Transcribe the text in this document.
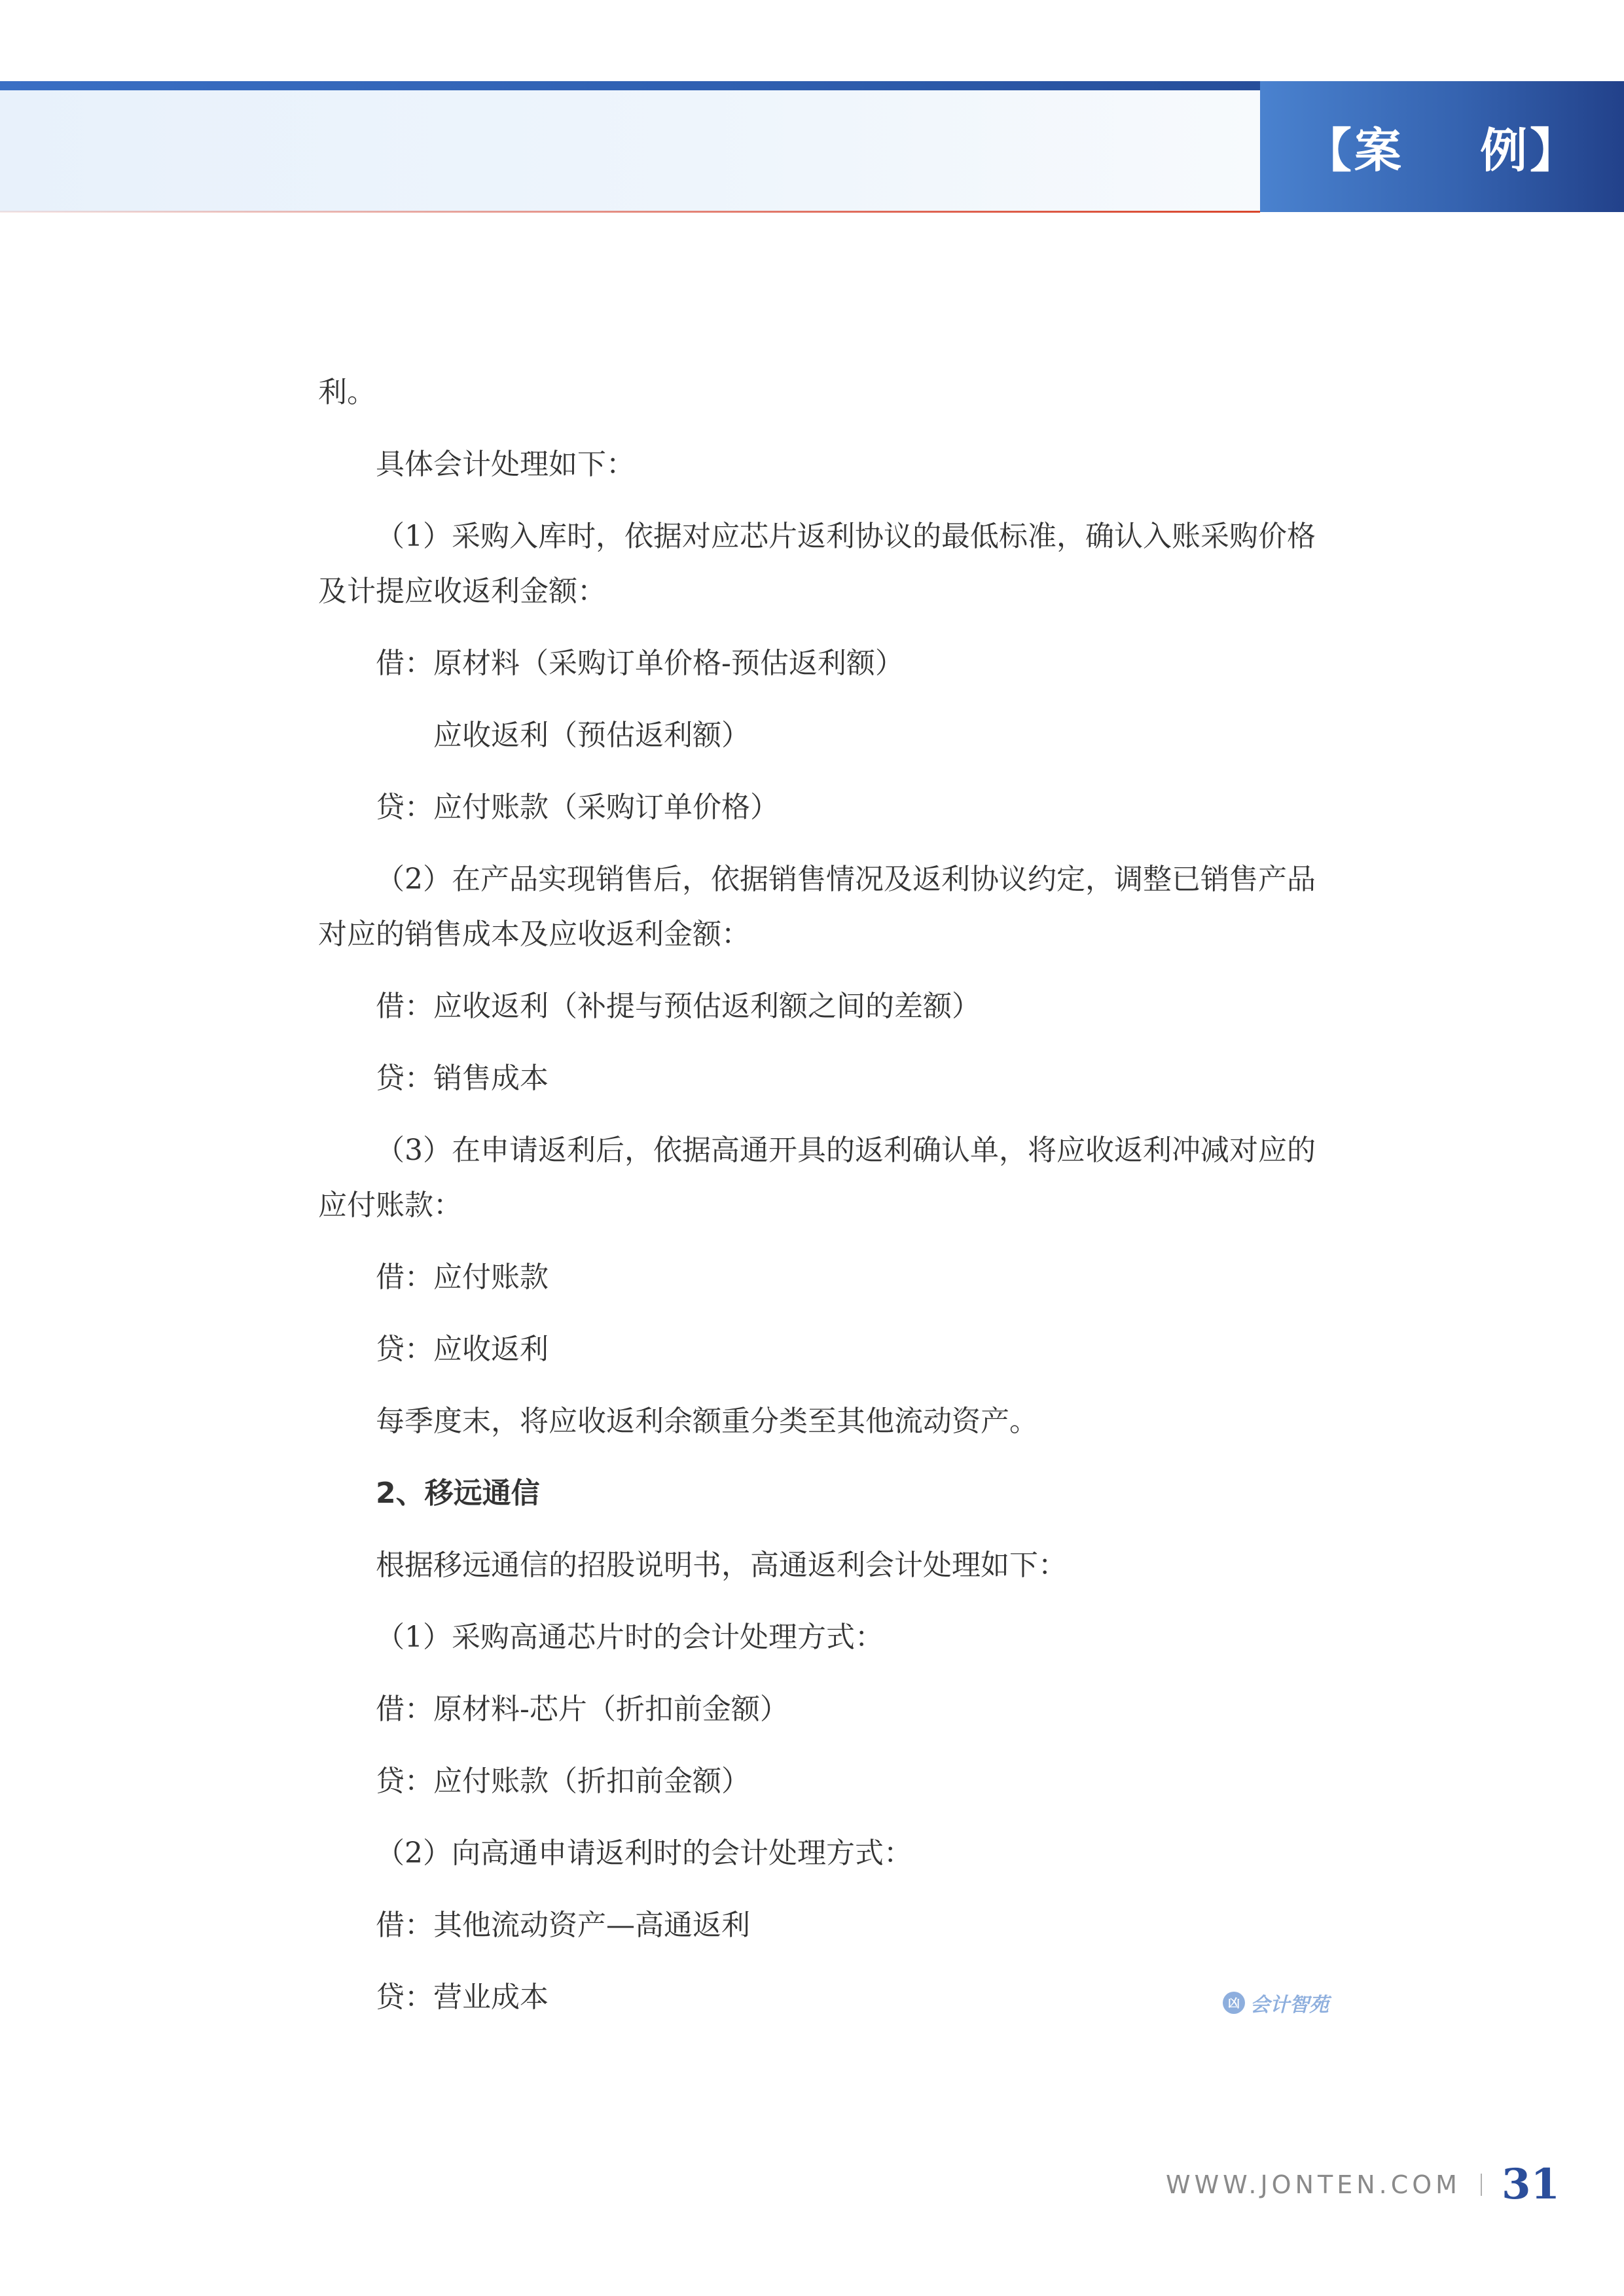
【案    例】

利。

具体会计处理如下：

（1）采购入库时，依据对应芯片返利协议的最低标准，确认入账采购价格

及计提应收返利金额：

借：原材料（采购订单价格-预估返利额）

应收返利（预估返利额）

贷：应付账款（采购订单价格）

（2）在产品实现销售后，依据销售情况及返利协议约定，调整已销售产品

对应的销售成本及应收返利金额：

借：应收返利（补提与预估返利额之间的差额）

贷：销售成本

（3）在申请返利后，依据高通开具的返利确认单，将应收返利冲减对应的

应付账款：

借：应付账款

贷：应收返利

每季度末，将应收返利余额重分类至其他流动资产。

2、移远通信

根据移远通信的招股说明书，高通返利会计处理如下：

（1）采购高通芯片时的会计处理方式：

借：原材料-芯片（折扣前金额）

贷：应付账款（折扣前金额）

（2）向高通申请返利时的会计处理方式：

借：其他流动资产—高通返利

贷：营业成本	凶 会计智苑
WWW.JONTEN.COM 31
